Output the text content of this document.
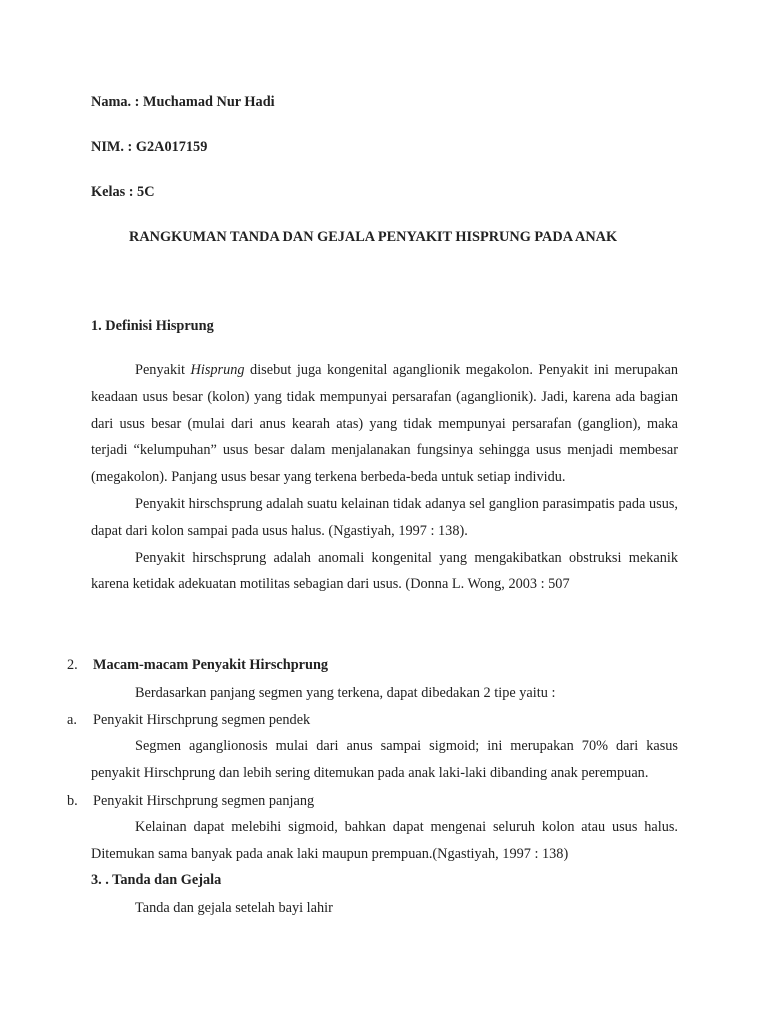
Nama. : Muchamad Nur Hadi
NIM. : G2A017159
Kelas : 5C
RANGKUMAN TANDA DAN GEJALA PENYAKIT HISPRUNG PADA ANAK
1. Definisi Hisprung

Penyakit Hisprung disebut juga kongenital aganglionik megakolon. Penyakit ini merupakan keadaan usus besar (kolon) yang tidak mempunyai persarafan (aganglionik). Jadi, karena ada bagian dari usus besar (mulai dari anus kearah atas) yang tidak mempunyai persarafan (ganglion), maka terjadi “kelumpuhan” usus besar dalam menjalanakan fungsinya sehingga usus menjadi membesar (megakolon). Panjang usus besar yang terkena berbeda-beda untuk setiap individu.

Penyakit hirschsprung adalah suatu kelainan tidak adanya sel ganglion parasimpatis pada usus, dapat dari kolon sampai pada usus halus. (Ngastiyah, 1997 : 138).

Penyakit hirschsprung adalah anomali kongenital yang mengakibatkan obstruksi mekanik karena ketidak adekuatan motilitas sebagian dari usus. (Donna L. Wong, 2003 : 507

2. Macam-macam Penyakit Hirschprung
Berdasarkan panjang segmen yang terkena, dapat dibedakan 2 tipe yaitu :
a. Penyakit Hirschprung segmen pendek

Segmen aganglionosis mulai dari anus sampai sigmoid; ini merupakan 70% dari kasus penyakit Hirschprung dan lebih sering ditemukan pada anak laki-laki dibanding anak perempuan.

b. Penyakit Hirschprung segmen panjang

Kelainan dapat melebihi sigmoid, bahkan dapat mengenai seluruh kolon atau usus halus. Ditemukan sama banyak pada anak laki maupun prempuan.(Ngastiyah, 1997 : 138)

3. . Tanda dan Gejala
Tanda dan gejala setelah bayi lahir
